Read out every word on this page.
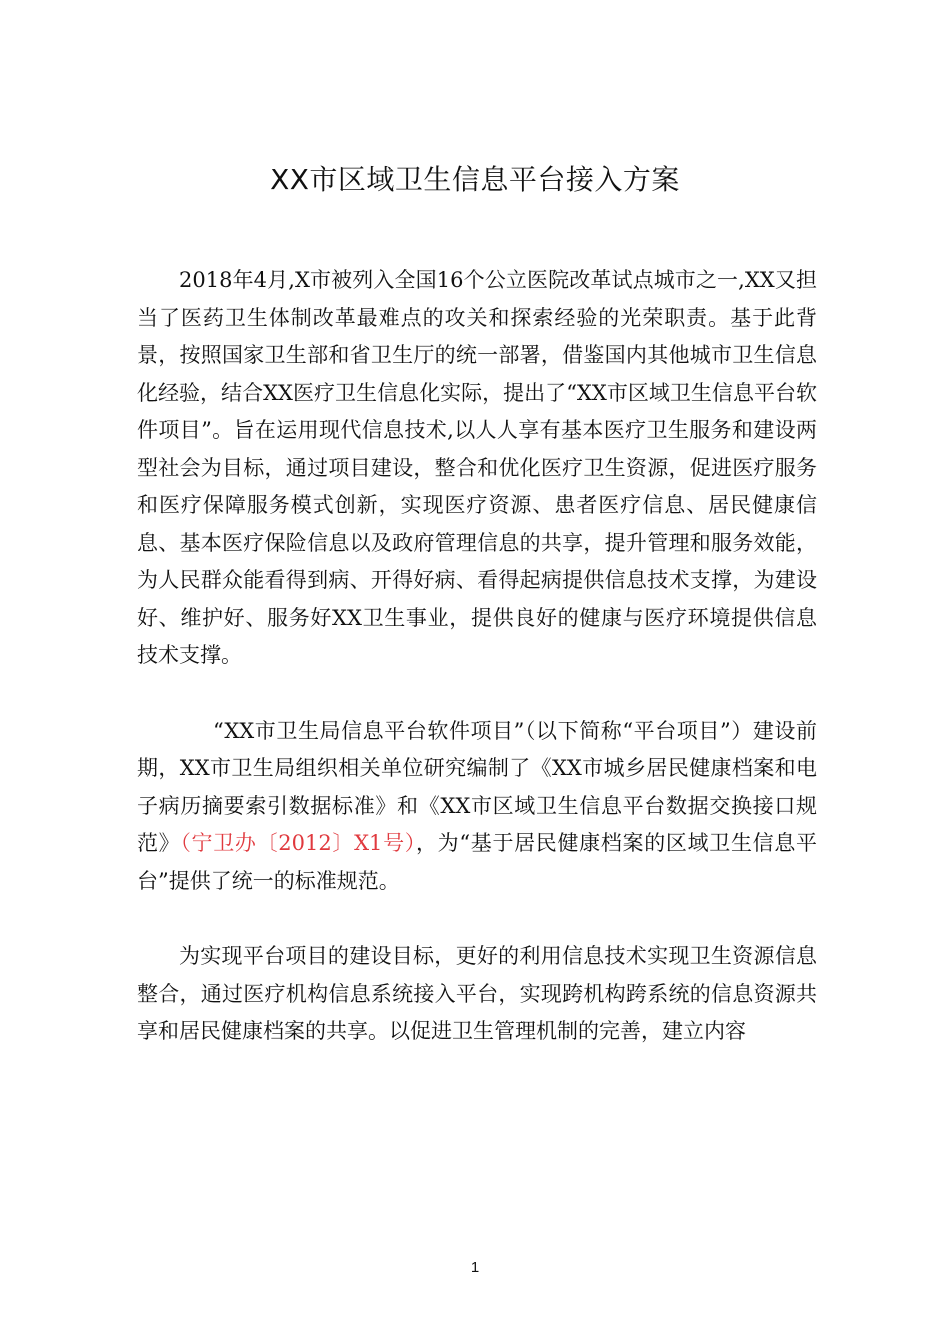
XX市区域卫生信息平台接入方案

2018年4月,X市被列入全国16个公立医院改革试点城市之一,XX又担当了医药卫生体制改革最难点的攻关和探索经验的光荣职责。基于此背景，按照国家卫生部和省卫生厅的统一部署，借鉴国内其他城市卫生信息化经验，结合XX医疗卫生信息化实际，提出了“XX市区域卫生信息平台软件项目”。旨在运用现代信息技术,以人人享有基本医疗卫生服务和建设两型社会为目标，通过项目建设，整合和优化医疗卫生资源，促进医疗服务和医疗保障服务模式创新，实现医疗资源、患者医疗信息、居民健康信息、基本医疗保险信息以及政府管理信息的共享，提升管理和服务效能，为人民群众能看得到病、开得好病、看得起病提供信息技术支撑，为建设好、维护好、服务好XX卫生事业，提供良好的健康与医疗环境提供信息技术支撑。

“XX市卫生局信息平台软件项目”（以下简称“平台项目”）建设前期，XX市卫生局组织相关单位研究编制了《XX市城乡居民健康档案和电子病历摘要索引数据标准》和《XX市区域卫生信息平台数据交换接口规范》（宁卫办〔2012〕X1号），为“基于居民健康档案的区域卫生信息平台”提供了统一的标准规范。

为实现平台项目的建设目标，更好的利用信息技术实现卫生资源信息整合，通过医疗机构信息系统接入平台，实现跨机构跨系统的信息资源共享和居民健康档案的共享。以促进卫生管理机制的完善，建立内容

1
